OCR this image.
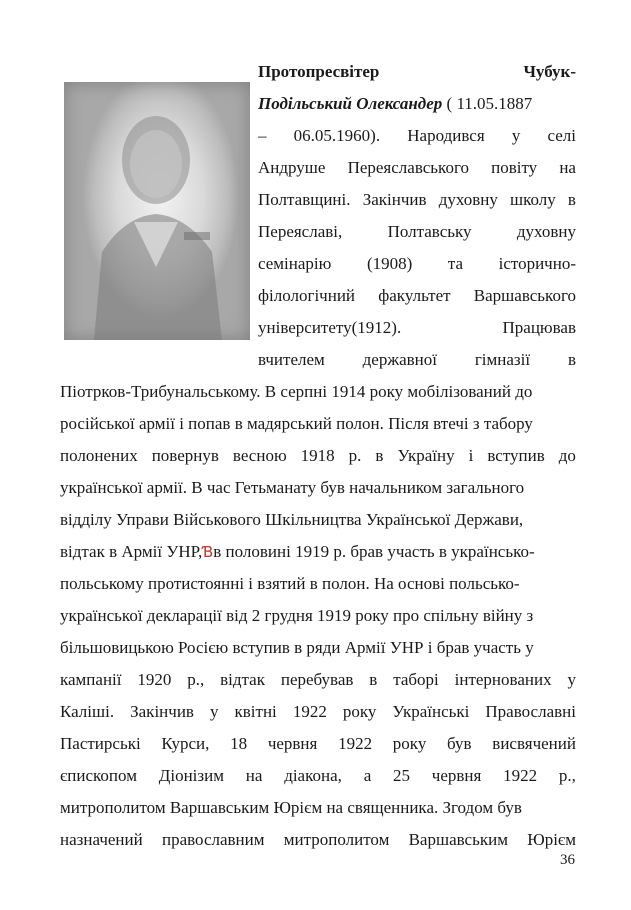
Протопресвітер	Чубук-
Подільський Олександер ( 11.05.1887
– 06.05.1960). Народився у селі
Андруше Переяславського повіту на
Полтавщині. Закінчив духовну школу в
Переяславі,	Полтавську	духовну
семінарію (1908) та історично-
філологічний факультет Варшавського
університету(1912).	Працював
вчителем державної гімназії в
Піотрков-Трибунальському. В серпні 1914 року мобілізований до
російської армії і попав в мадярський полон. Після втечі з табору
полонених повернув весною 1918 р. в Україну і вступив до
української армії. В час Гетьманату був начальником загального
відділу Управи Військового Шкільництва Української Держави,
відтак в Армії УНР,Ɓв половині 1919 р. брав участь в українсько-
польському протистоянні і взятий в полон. На основі польсько-
української декларації від 2 грудня 1919 року про спільну війну з
більшовицькою Росією вступив в ряди Армії УНР і брав участь у
кампанії 1920 р., відтак перебував в таборі інтернованих у
Каліші. Закінчив у квітні 1922 року Українські Православні
Пастирські Курси, 18 червня 1922 року був висвячений
єпископом Діонізим на діакона, а 25 червня 1922 р.,
митрополитом Варшавським Юрієм на священника. Згодом був
назначений православним митрополитом Варшавським Юрієм
36
